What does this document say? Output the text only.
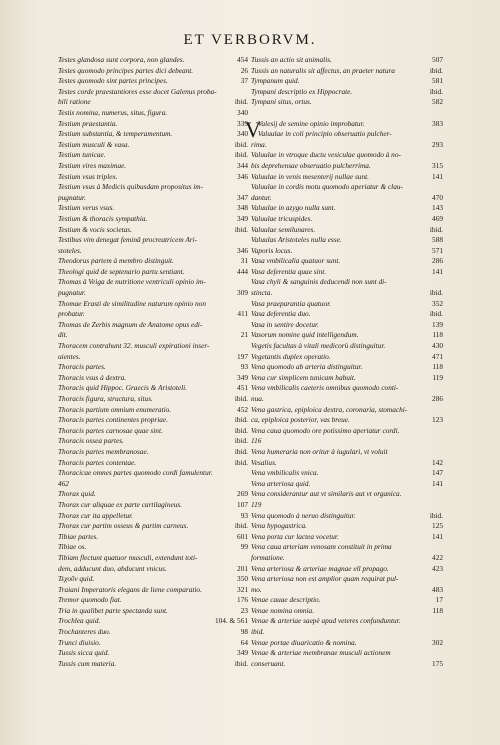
ET VERBORVM.
Testes glandosa sunt corpora, non glandes.	454
Testes quomodo principes partes dici debeant.	26
Testes quomodo sint partes principes.	37
Testes corde praestantiores esse docet Galenus proba-
bili ratione	ibid.
Testis nomina, numerus, situs, figura.	340
Testium praestantia.	339
Testium substantia, & temperamentum.	340
Testium musculi & vasa.	ibid.
Testium tunicae.	ibid.
Testium vires maximae.	344
Testium vsus triplex.	346
Testium vsus à Medicis quibusdam propositus im-
pugnatur.	347
Testium verus vsus.	348
Testium & thoracis sympathia.	349
Testium & vocis societas.	ibid.
Testibus vim denegat feminâ procreatricem Ari-
stoteles.	346
Theodorus partem à membro distinguit.	31
Theologi quid de septenario partu sentiant.	444
Thomas à Veiga de nutritione ventriculi opinio im-
pugnatur.	309
Thomae Erasti de similitudine naturum opinio non
probatur.	411
Thomas de Zerbis magnum de Anatome opus edi-
dit.	21
Thoracem contrahunt 32. musculi expirationi inser-
uientes.	197
Thoracis partes.	93
Thoracis vsus à dextra.	349
Thoracis quid Hippoc. Graecis & Aristoteli.	451
Thoracis figura, structura, situs.	ibid.
Thoracis partium omnium enumeratio.	452
Thoracis partes continentes propriae.	ibid.
Thoracis partes carnosae quae sint.	ibid.
Thoracis ossea partes.	ibid.
Thoracis partes membranosae.	ibid.
Thoracis partes contentae.	ibid.
Thoracicae omnes partes quomodo cordi famulentur.
462
Thorax quid.	269
Thorax cur aliquae ex parte cartilagineus.	107
Thorax cur ita appelletur.	93
Thorax cur partim osseus & partim carneus.	ibid.
Tibiae partes.	601
Tibiae os.	99
Tibiam flectunt quatuor musculi, extendunt toti-
dem, adducunt duo, abducunt vnicus.	201
Τεχοῦν quid.	350
Traiani Imperatoris elegans de liene comparatio.	321
Tremor quomodo fiat.	176
Tria in qualibet parte spectanda sunt.	23
Trochlea quid.	104. & 561
Trochanteres duo.	98
Trunci diuisio.	64
Tussis sicca quid.	349
Tussis cum materia.	ibid.
Tussis an actio sit animalis.	507
Tussis an naturalis sit affectus, an praeter natura	ibid.
Tympanum quid.	581
Tympani descriptio ex Hippocrate.	ibid.
Tympani situs, ortus.	582

V
Valesij de semine opinio improbatur.	383
Valuulae in coli principio obseruatio pulcher-
rima.	293
Valuulae in vtroque ductu vesiculae quomodo à no-
bis deprehensae obseruatio pulcherrima.	315
Valuulae in venis mesenterij nullae sunt.	141
Valuulae in cordis motu quomodo aperiatur & clau-
dantur.	470
Valuulae in azygo nulla sunt.	143
Valuulae tricuspides.	469
Valuulae semilunares.	ibid.
Valuulas Aristoteles nulla esse.	588
Vaporis locus.	571
Vasa vmbilicalia quatuor sunt.	286
Vasa deferentia quae sint.	141
Vasa chyli & sanguinis deducendi non sunt di-
stincta.	ibid.
Vasa praeparantia quatuor.	352
Vasa deferentia duo.	ibid.
Vasa in sentire docetur.	139
Vasorum nomine quid intelligendum.	118
Vegetis facultas à vitali medicorù distinguitur.	430
Vegetantis duplex operatio.	471
Vena quomodo ab arteria distinguitur.	118
Vena cur simplicem tunicam habuit.	119
Vena vmbilicalis caeteris omnibus quomodo conti-
nua.	286
Vena gastrica, epiploica dextra, coronaria, stomachi-
ca, epiploica posterior, vas breue.	123
Vena caua quomodo ore potissimo aperiatur cordi.
116
Vena humeraria non oritur à iugulari, vt voluit
Vesalius.	142
Vena vmbilicalis vnica.	147
Vena arteriosa quid.	141
Vena considerantur aut vt similaris aut vt organica.
119
Vena quomodo à neruo distinguitur.	ibid.
Vena hypogastrica.	125
Vena porta cur lactea vocetur.	141
Vena caua arteriam venosam constituit in prima
formatione.	422
Vena arteriosa & arteriae magnae ell propago.	423
Vena arteriosa non est amplior quam requirat pul-
mo.	483
Venae cauae descriptio.	17
Venae nomina omnia.	118
Venae & arteriae saepè apud veteres confunduntur.
ibid.
Venae portae diuaricatio & nomina.	302
Venae & arteriae membranae musculi actionem
conseruant.	175
